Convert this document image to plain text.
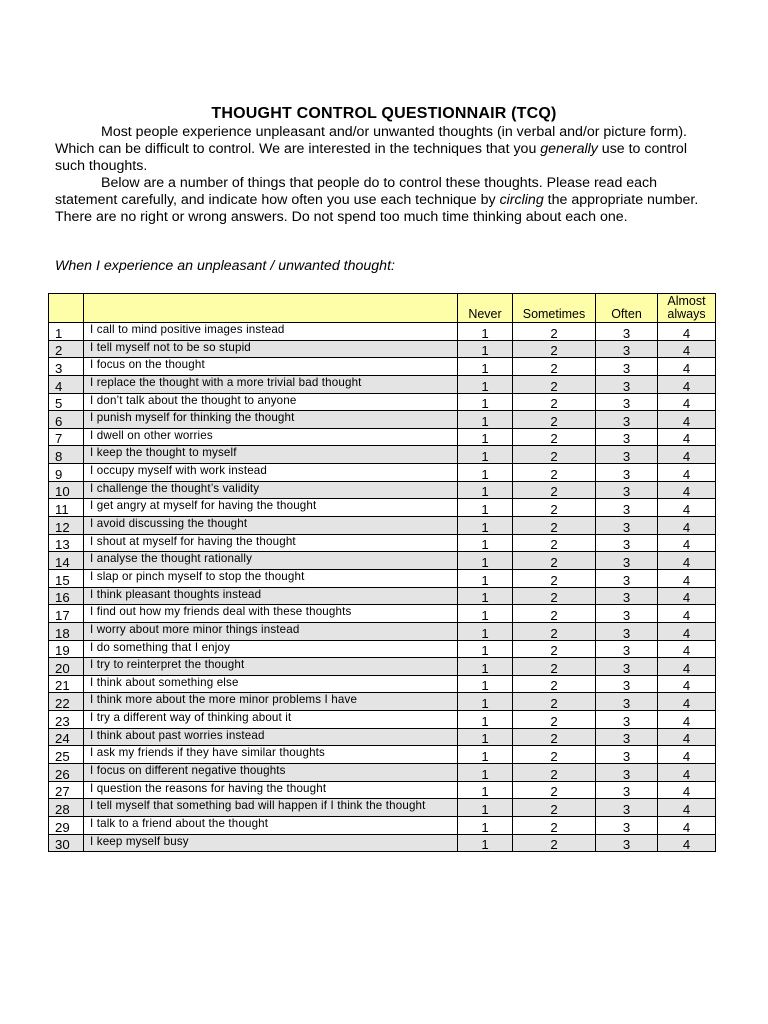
THOUGHT CONTROL QUESTIONNAIR (TCQ)

Most people experience unpleasant and/or unwanted thoughts (in verbal and/or picture form). Which can be difficult to control. We are interested in the techniques that you generally use to control such thoughts.

Below are a number of things that people do to control these thoughts. Please read each statement carefully, and indicate how often you use each technique by circling the appropriate number. There are no right or wrong answers. Do not spend too much time thinking about each one.

When I experience an unpleasant / unwanted thought:
		Never	Sometimes	Often	Almost
always
1	I call to mind positive images instead	1	2	3	4
2	I tell myself not to be so stupid	1	2	3	4
3	I focus on the thought	1	2	3	4
4	I replace the thought with a more trivial bad thought	1	2	3	4
5	I don’t talk about the thought to anyone	1	2	3	4
6	I punish myself for thinking the thought	1	2	3	4
7	I dwell on other worries	1	2	3	4
8	I keep the thought to myself	1	2	3	4
9	I occupy myself with work instead	1	2	3	4
10	I challenge the thought’s validity	1	2	3	4
11	I get angry at myself for having the thought	1	2	3	4
12	I avoid discussing the thought	1	2	3	4
13	I shout at myself for having the thought	1	2	3	4
14	I analyse the thought rationally	1	2	3	4
15	I slap or pinch myself to stop the thought	1	2	3	4
16	I think pleasant thoughts instead	1	2	3	4
17	I find out how my friends deal with these thoughts	1	2	3	4
18	I worry about more minor things instead	1	2	3	4
19	I do something that I enjoy	1	2	3	4
20	I try to reinterpret the thought	1	2	3	4
21	I think about something else	1	2	3	4
22	I think more about the more minor problems I have	1	2	3	4
23	I try a different way of thinking about it	1	2	3	4
24	I think about past worries instead	1	2	3	4
25	I ask my friends if they have similar thoughts	1	2	3	4
26	I focus on different negative thoughts	1	2	3	4
27	I question the reasons for having the thought	1	2	3	4
28	I tell myself that something bad will happen if I think the thought	1	2	3	4
29	I talk to a friend about the thought	1	2	3	4
30	I keep myself busy	1	2	3	4
